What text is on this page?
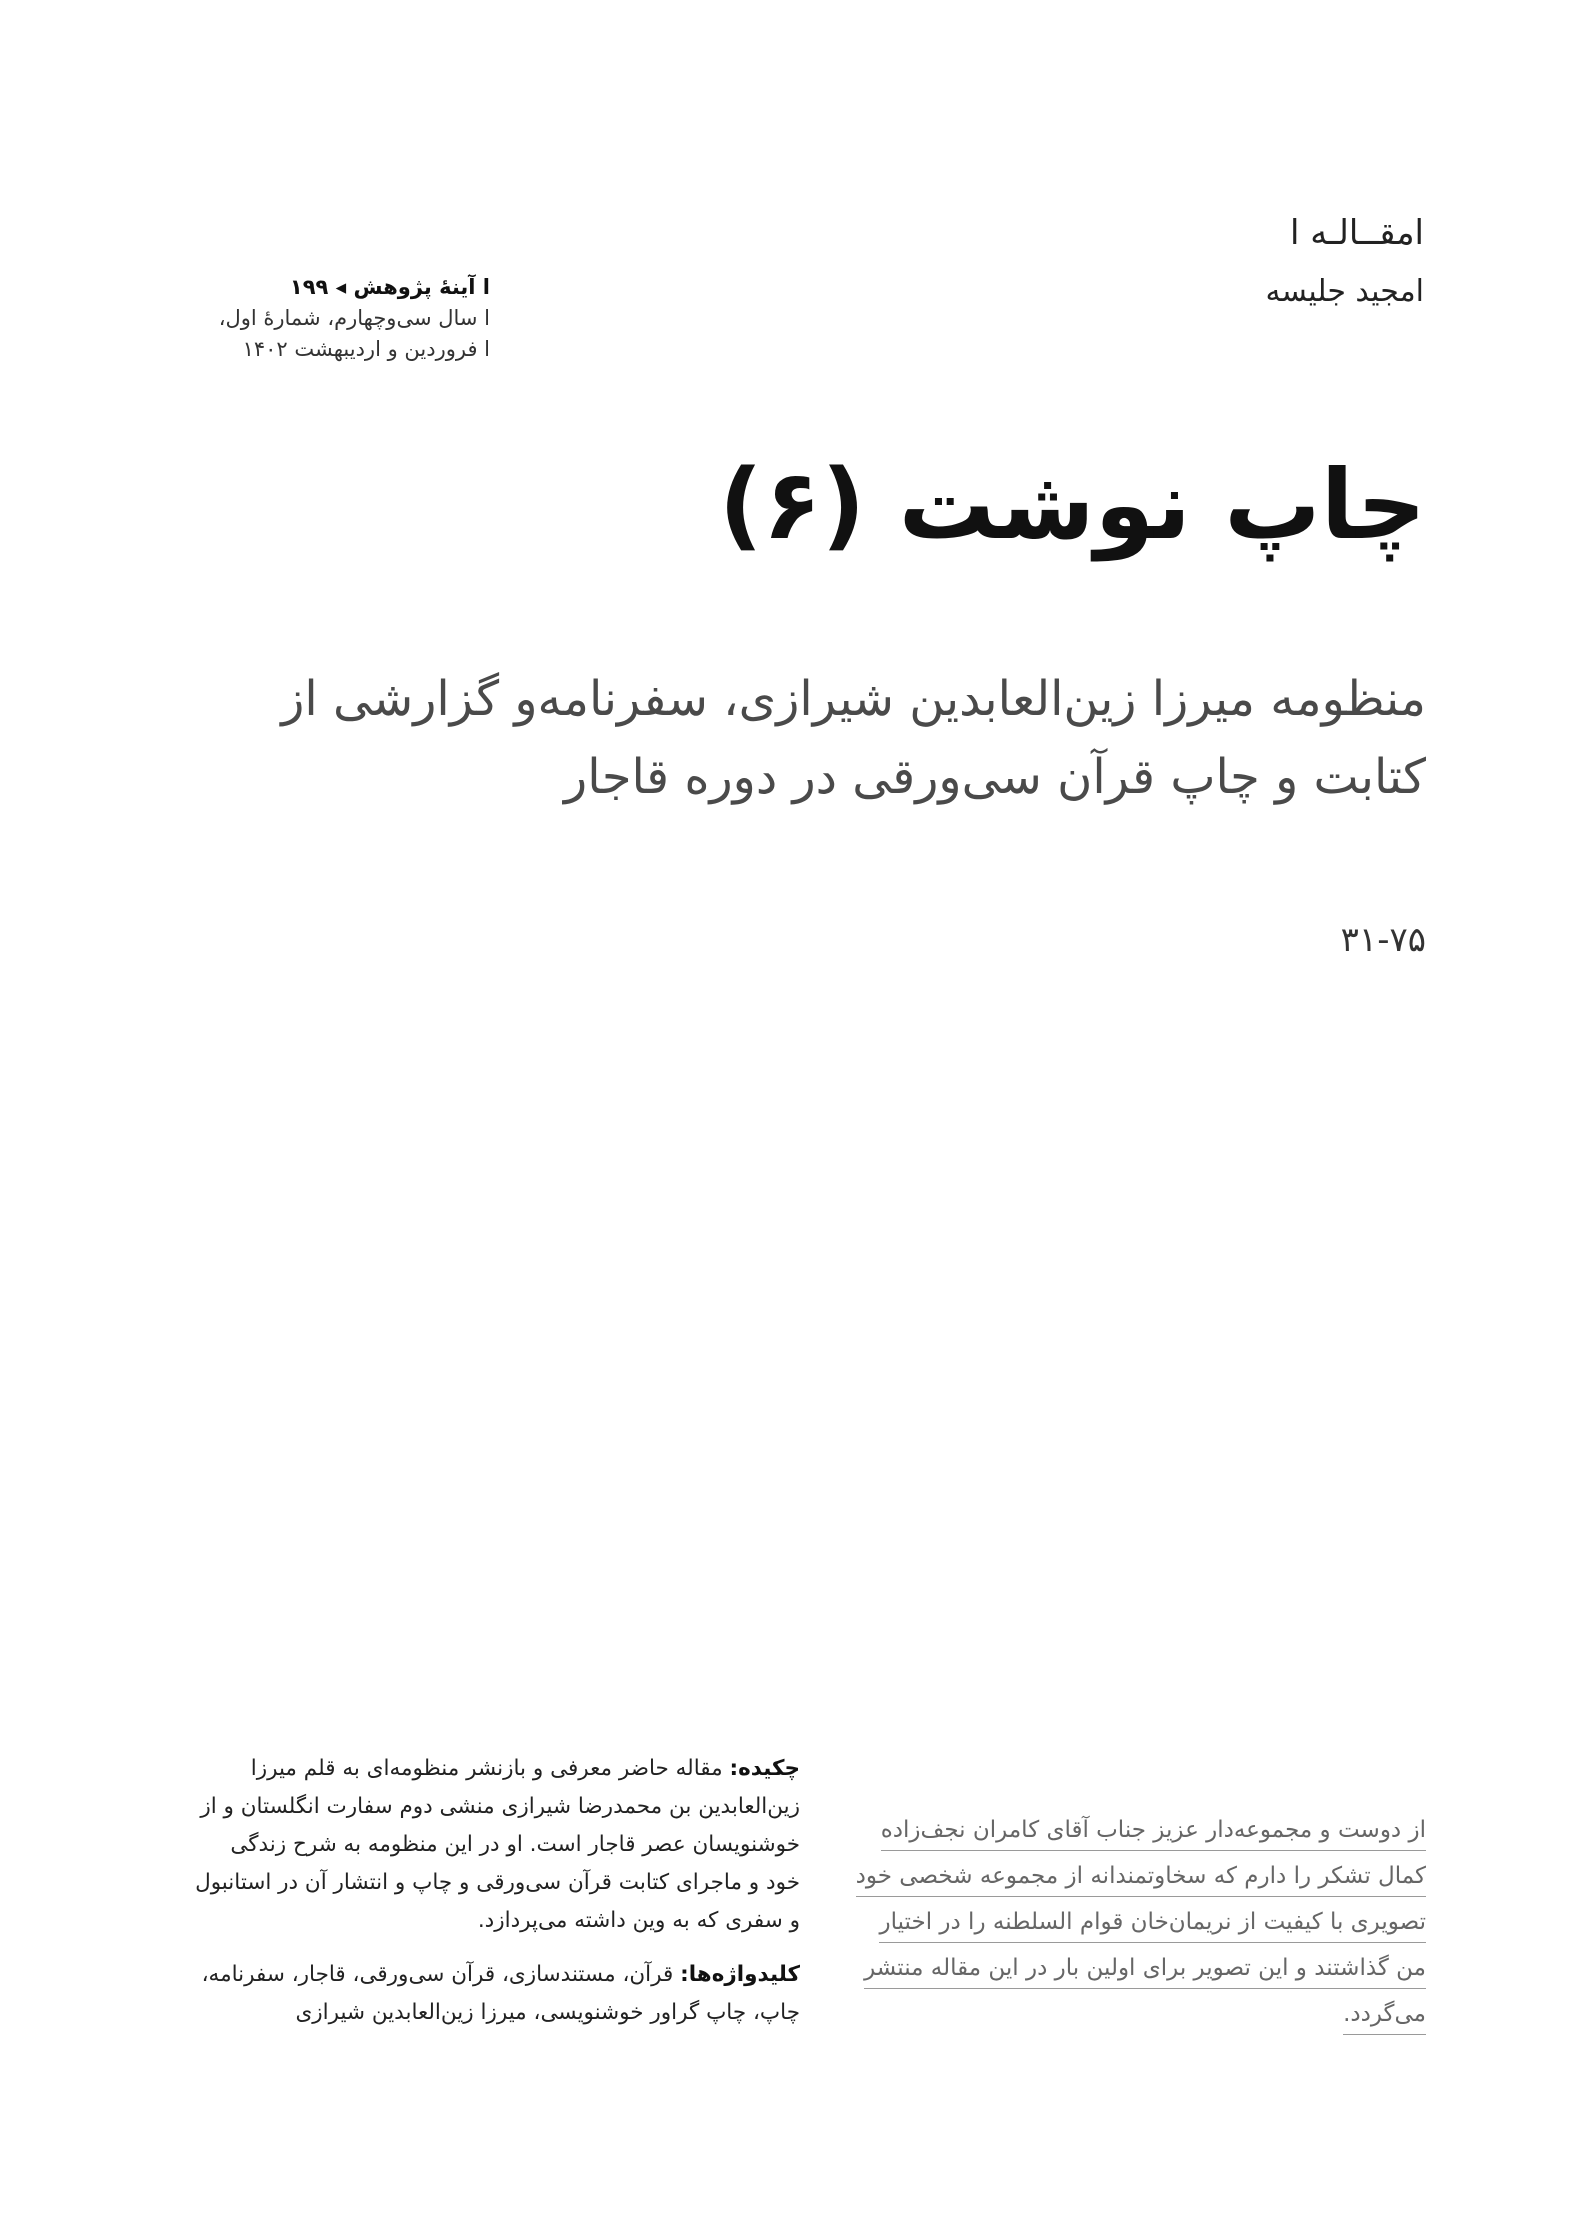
امقــالـه ا
امجید جلیسه
ا آینۀ پژوهش ◂ ۱۹۹
ا سال سی‌وچهارم، شمارۀ اول،
ا فروردین و اردیبهشت ۱۴۰۲
چاپ نوشت (۶)
منظومه میرزا زین‌العابدین شیرازی، سفرنامه‌و گزارشی از کتابت و چاپ قرآن سی‌ورقی در دوره قاجار
۳۱-۷۵

چکیده: مقاله حاضر معرفی و بازنشر منظومه‌ای به قلم میرزا زین‌العابدین بن محمدرضا شیرازی منشی دوم سفارت انگلستان و از خوشنویسان عصر قاجار است. او در این منظومه به شرح زندگی خود و ماجرای کتابت قرآن سی‌ورقی و چاپ و انتشار آن در استانبول و سفری که به وین داشته می‌پردازد.

کلیدواژه‌ها: قرآن، مستندسازی، قرآن سی‌ورقی، قاجار، سفرنامه، چاپ، چاپ گراور خوشنویسی، میرزا زین‌العابدین شیرازی

از دوست و مجموعه‌دار عزیز جناب آقای کامران نجف‌زاده
کمال تشکر را دارم که سخاوتمندانه از مجموعه شخصی خود
تصویری با کیفیت از نریمان‌خان قوام السلطنه را در اختیار
من گذاشتند و این تصویر برای اولین بار در این مقاله منتشر
می‌گردد.
